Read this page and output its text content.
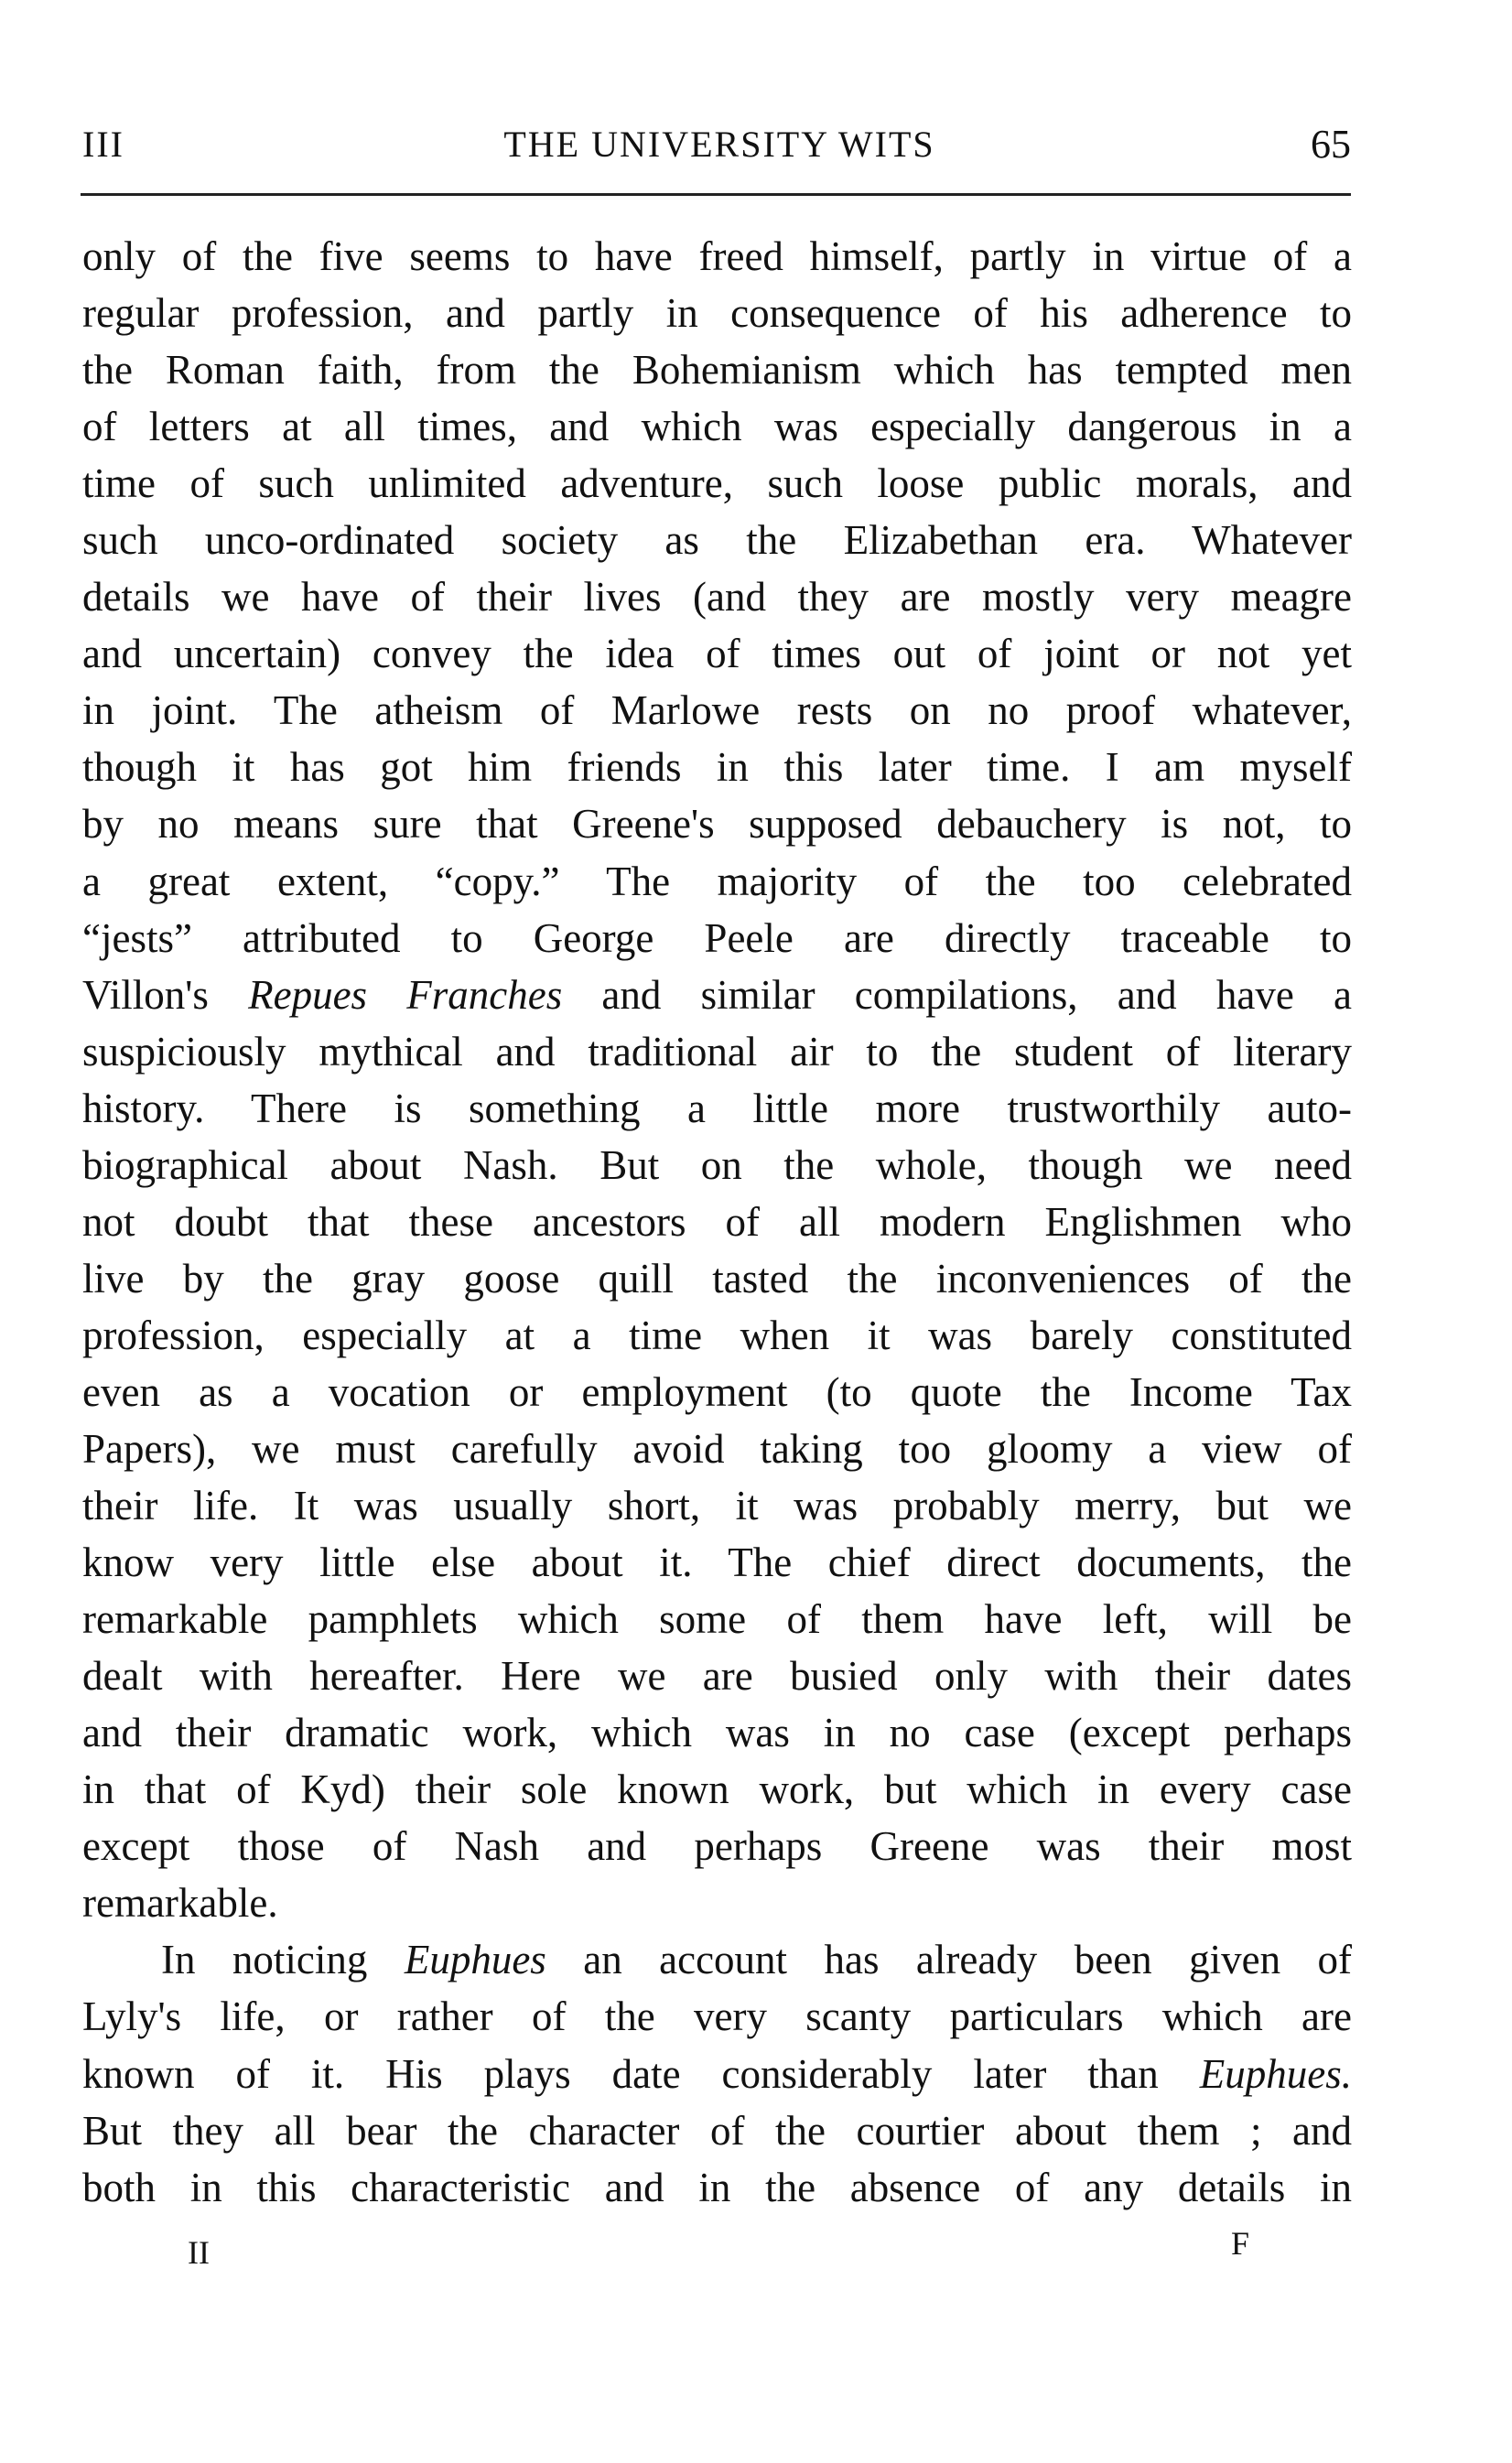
III	THE UNIVERSITY WITS	65
only of the five seems to have freed himself, partly in virtue of a
regular profession, and partly in consequence of his adherence to
the Roman faith, from the Bohemianism which has tempted men
of letters at all times, and which was especially dangerous in a
time of such unlimited adventure, such loose public morals, and
such unco-ordinated society as the Elizabethan era. Whatever
details we have of their lives (and they are mostly very meagre
and uncertain) convey the idea of times out of joint or not yet
in joint. The atheism of Marlowe rests on no proof whatever,
though it has got him friends in this later time. I am myself
by no means sure that Greene's supposed debauchery is not, to
a great extent, “copy.” The majority of the too celebrated
“jests” attributed to George Peele are directly traceable to
Villon's Repues Franches and similar compilations, and have a
suspiciously mythical and traditional air to the student of literary
history. There is something a little more trustworthily auto-
biographical about Nash. But on the whole, though we need
not doubt that these ancestors of all modern Englishmen who
live by the gray goose quill tasted the inconveniences of the
profession, especially at a time when it was barely constituted
even as a vocation or employment (to quote the Income Tax
Papers), we must carefully avoid taking too gloomy a view of
their life. It was usually short, it was probably merry, but we
know very little else about it. The chief direct documents, the
remarkable pamphlets which some of them have left, will be
dealt with hereafter. Here we are busied only with their dates
and their dramatic work, which was in no case (except perhaps
in that of Kyd) their sole known work, but which in every case
except those of Nash and perhaps Greene was their most
remarkable.
In noticing Euphues an account has already been given of
Lyly's life, or rather of the very scanty particulars which are
known of it. His plays date considerably later than Euphues.
But they all bear the character of the courtier about them ; and
both in this characteristic and in the absence of any details in
II	F
